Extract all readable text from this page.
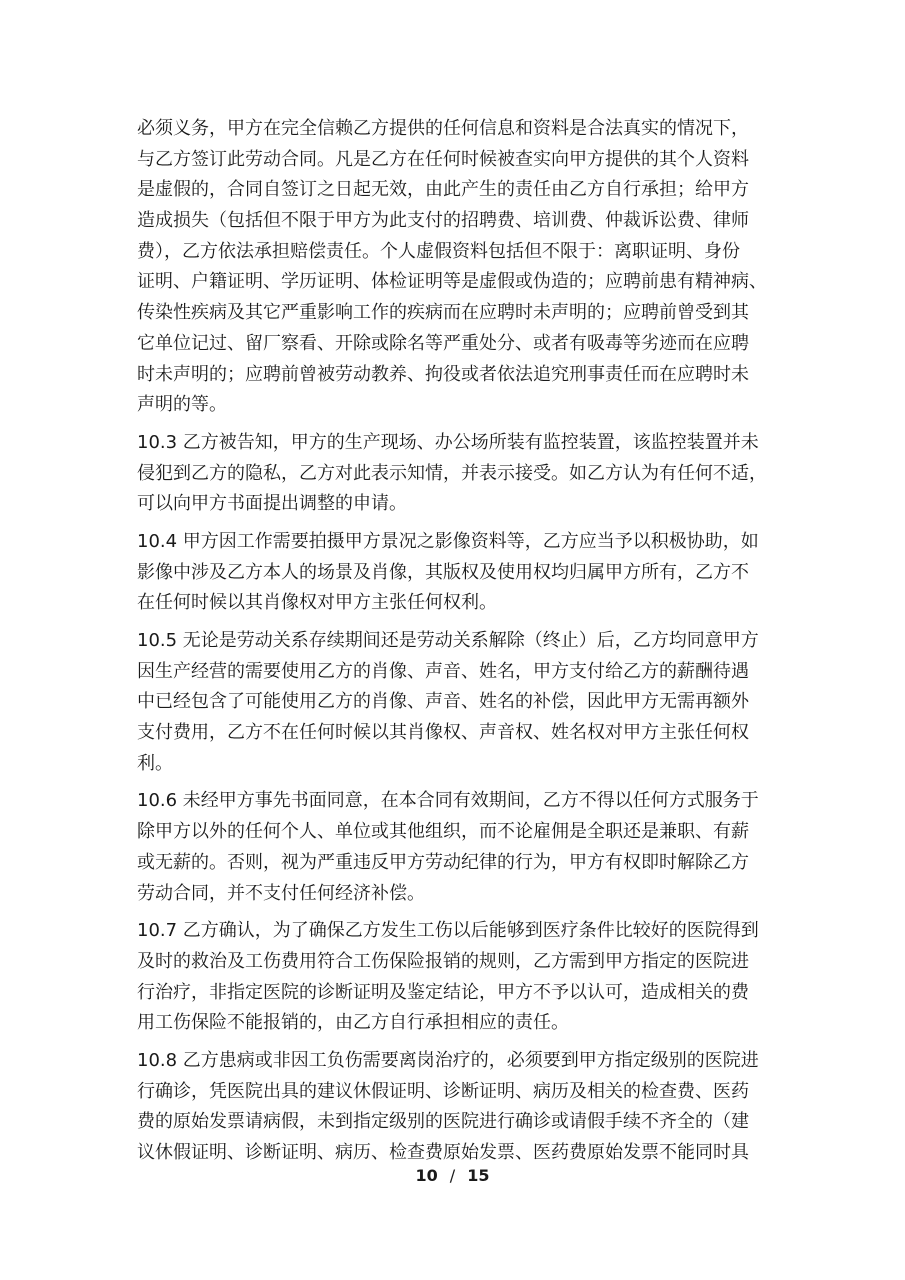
必须义务，甲方在完全信赖乙方提供的任何信息和资料是合法真实的情况下，
与乙方签订此劳动合同。凡是乙方在任何时候被查实向甲方提供的其个人资料
是虚假的，合同自签订之日起无效，由此产生的责任由乙方自行承担；给甲方
造成损失（包括但不限于甲方为此支付的招聘费、培训费、仲裁诉讼费、律师
费），乙方依法承担赔偿责任。个人虚假资料包括但不限于：离职证明、身份
证明、户籍证明、学历证明、体检证明等是虚假或伪造的；应聘前患有精神病、
传染性疾病及其它严重影响工作的疾病而在应聘时未声明的；应聘前曾受到其
它单位记过、留厂察看、开除或除名等严重处分、或者有吸毒等劣迹而在应聘
时未声明的；应聘前曾被劳动教养、拘役或者依法追究刑事责任而在应聘时未
声明的等。
10.3 乙方被告知，甲方的生产现场、办公场所装有监控装置，该监控装置并未
侵犯到乙方的隐私，乙方对此表示知情，并表示接受。如乙方认为有任何不适，
可以向甲方书面提出调整的申请。
10.4 甲方因工作需要拍摄甲方景况之影像资料等，乙方应当予以积极协助，如
影像中涉及乙方本人的场景及肖像，其版权及使用权均归属甲方所有，乙方不
在任何时候以其肖像权对甲方主张任何权利。
10.5 无论是劳动关系存续期间还是劳动关系解除（终止）后，乙方均同意甲方
因生产经营的需要使用乙方的肖像、声音、姓名，甲方支付给乙方的薪酬待遇
中已经包含了可能使用乙方的肖像、声音、姓名的补偿，因此甲方无需再额外
支付费用，乙方不在任何时候以其肖像权、声音权、姓名权对甲方主张任何权
利。
10.6 未经甲方事先书面同意，在本合同有效期间，乙方不得以任何方式服务于
除甲方以外的任何个人、单位或其他组织，而不论雇佣是全职还是兼职、有薪
或无薪的。否则，视为严重违反甲方劳动纪律的行为，甲方有权即时解除乙方
劳动合同，并不支付任何经济补偿。
10.7 乙方确认，为了确保乙方发生工伤以后能够到医疗条件比较好的医院得到
及时的救治及工伤费用符合工伤保险报销的规则，乙方需到甲方指定的医院进
行治疗，非指定医院的诊断证明及鉴定结论，甲方不予以认可，造成相关的费
用工伤保险不能报销的，由乙方自行承担相应的责任。
10.8 乙方患病或非因工负伤需要离岗治疗的，必须要到甲方指定级别的医院进
行确诊，凭医院出具的建议休假证明、诊断证明、病历及相关的检查费、医药
费的原始发票请病假，未到指定级别的医院进行确诊或请假手续不齐全的（建
议休假证明、诊断证明、病历、检查费原始发票、医药费原始发票不能同时具
10 / 15
